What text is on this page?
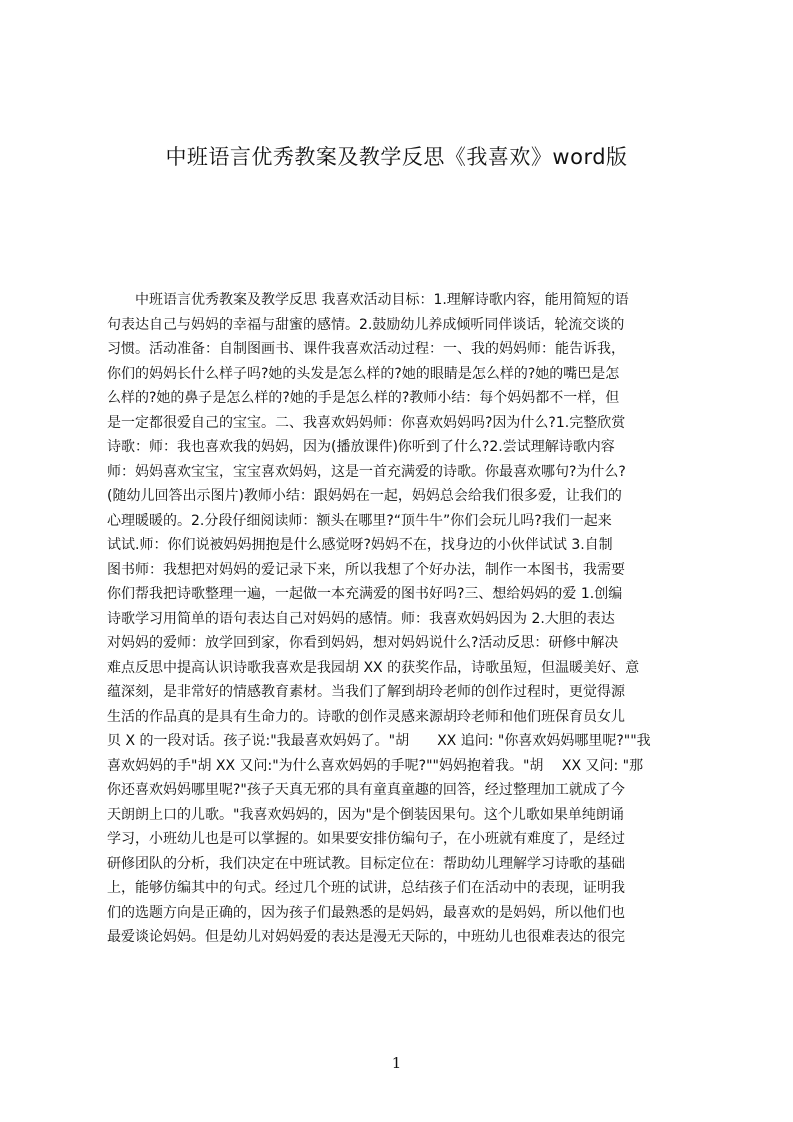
中班语言优秀教案及教学反思《我喜欢》word版
　　中班语言优秀教案及教学反思 我喜欢活动目标：1.理解诗歌内容，能用简短的语
句表达自己与妈妈的幸福与甜蜜的感情。2.鼓励幼儿养成倾听同伴谈话，轮流交谈的
习惯。活动准备：自制图画书、课件我喜欢活动过程：一、我的妈妈师：能告诉我，
你们的妈妈长什么样子吗?她的头发是怎么样的?她的眼睛是怎么样的?她的嘴巴是怎
么样的?她的鼻子是怎么样的?她的手是怎么样的?教师小结：每个妈妈都不一样，但
是一定都很爱自己的宝宝。二、我喜欢妈妈师：你喜欢妈妈吗?因为什么?1.完整欣赏
诗歌：师：我也喜欢我的妈妈，因为(播放课件)你听到了什么?2.尝试理解诗歌内容
师：妈妈喜欢宝宝，宝宝喜欢妈妈，这是一首充满爱的诗歌。你最喜欢哪句?为什么?
(随幼儿回答出示图片)教师小结：跟妈妈在一起，妈妈总会给我们很多爱，让我们的
心理暖暖的。2.分段仔细阅读师：额头在哪里?“顶牛牛”你们会玩儿吗?我们一起来
试试.师：你们说被妈妈拥抱是什么感觉呀?妈妈不在，找身边的小伙伴试试 3.自制
图书师：我想把对妈妈的爱记录下来，所以我想了个好办法，制作一本图书，我需要
你们帮我把诗歌整理一遍，一起做一本充满爱的图书好吗?三、想给妈妈的爱 1.创编
诗歌学习用简单的语句表达自己对妈妈的感情。师：我喜欢妈妈因为 2.大胆的表达
对妈妈的爱师：放学回到家，你看到妈妈，想对妈妈说什么?活动反思：研修中解决
难点反思中提高认识诗歌我喜欢是我园胡 XX 的获奖作品，诗歌虽短，但温暖美好、意
蕴深刻，是非常好的情感教育素材。当我们了解到胡玲老师的创作过程时，更觉得源
生活的作品真的是具有生命力的。诗歌的创作灵感来源胡玲老师和他们班保育员女儿
贝 X 的一段对话。孩子说:"我最喜欢妈妈了。"胡　　XX 追问: "你喜欢妈妈哪里呢?""我
喜欢妈妈的手"胡 XX 又问:"为什么喜欢妈妈的手呢?""妈妈抱着我。"胡　 XX 又问: "那
你还喜欢妈妈哪里呢?"孩子天真无邪的具有童真童趣的回答，经过整理加工就成了今
天朗朗上口的儿歌。"我喜欢妈妈的，因为"是个倒装因果句。这个儿歌如果单纯朗诵
学习，小班幼儿也是可以掌握的。如果要安排仿编句子，在小班就有难度了，是经过
研修团队的分析，我们决定在中班试教。目标定位在：帮助幼儿理解学习诗歌的基础
上，能够仿编其中的句式。经过几个班的试讲，总结孩子们在活动中的表现，证明我
们的选题方向是正确的，因为孩子们最熟悉的是妈妈，最喜欢的是妈妈，所以他们也
最爱谈论妈妈。但是幼儿对妈妈爱的表达是漫无天际的，中班幼儿也很难表达的很完
1
